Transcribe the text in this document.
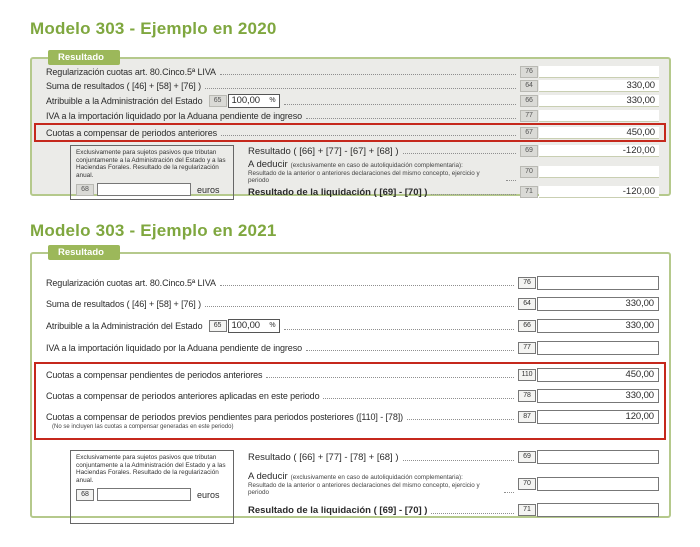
Modelo 303 - Ejemplo en 2020
Resultado
Regularización cuotas art. 80.Cinco.5ª LIVA	76
Suma de resultados ( [46] + [58] + [76] )	64	330,00
Atribuible a la Administración del Estado	65	100,00 %	66	330,00
IVA a la importación liquidado por la Aduana pendiente de ingreso	77
Cuotas a compensar de periodos anteriores	67	450,00
Exclusivamente para sujetos pasivos que tributan conjuntamente a la Administración del Estado y a las Haciendas Forales. Resultado de la regularización anual.
68	euros
Resultado ( [66] + [77] - [67] + [68] )	69	-120,00
A deducir (exclusivamente en caso de autoliquidación complementaria):
Resultado de la anterior o anteriores declaraciones del mismo concepto, ejercicio y periodo
70
Resultado de la liquidación ( [69] - [70] )	71	-120,00
Modelo 303 - Ejemplo en 2021
Resultado
Regularización cuotas art. 80.Cinco.5ª LIVA	76
Suma de resultados ( [46] + [58] + [76] )	64	330,00
Atribuible a la Administración del Estado	65	100,00 %	66	330,00
IVA a la importación liquidado por la Aduana pendiente de ingreso	77
Cuotas a compensar pendientes de periodos anteriores	110	450,00
Cuotas a compensar de periodos anteriores aplicadas en este periodo	78	330,00
Cuotas a compensar de periodos previos pendientes para periodos posteriores ([110] - [78])	87	120,00
(No se incluyen las cuotas a compensar generadas en este periodo)
Exclusivamente para sujetos pasivos que tributan conjuntamente a la Administración del Estado y a las Haciendas Forales. Resultado de la regularización anual.
68	euros
Resultado ( [66] + [77] - [78] + [68] )	69
A deducir (exclusivamente en caso de autoliquidación complementaria):
Resultado de la anterior o anteriores declaraciones del mismo concepto, ejercicio y periodo
70
Resultado de la liquidación ( [69] - [70] )	71
